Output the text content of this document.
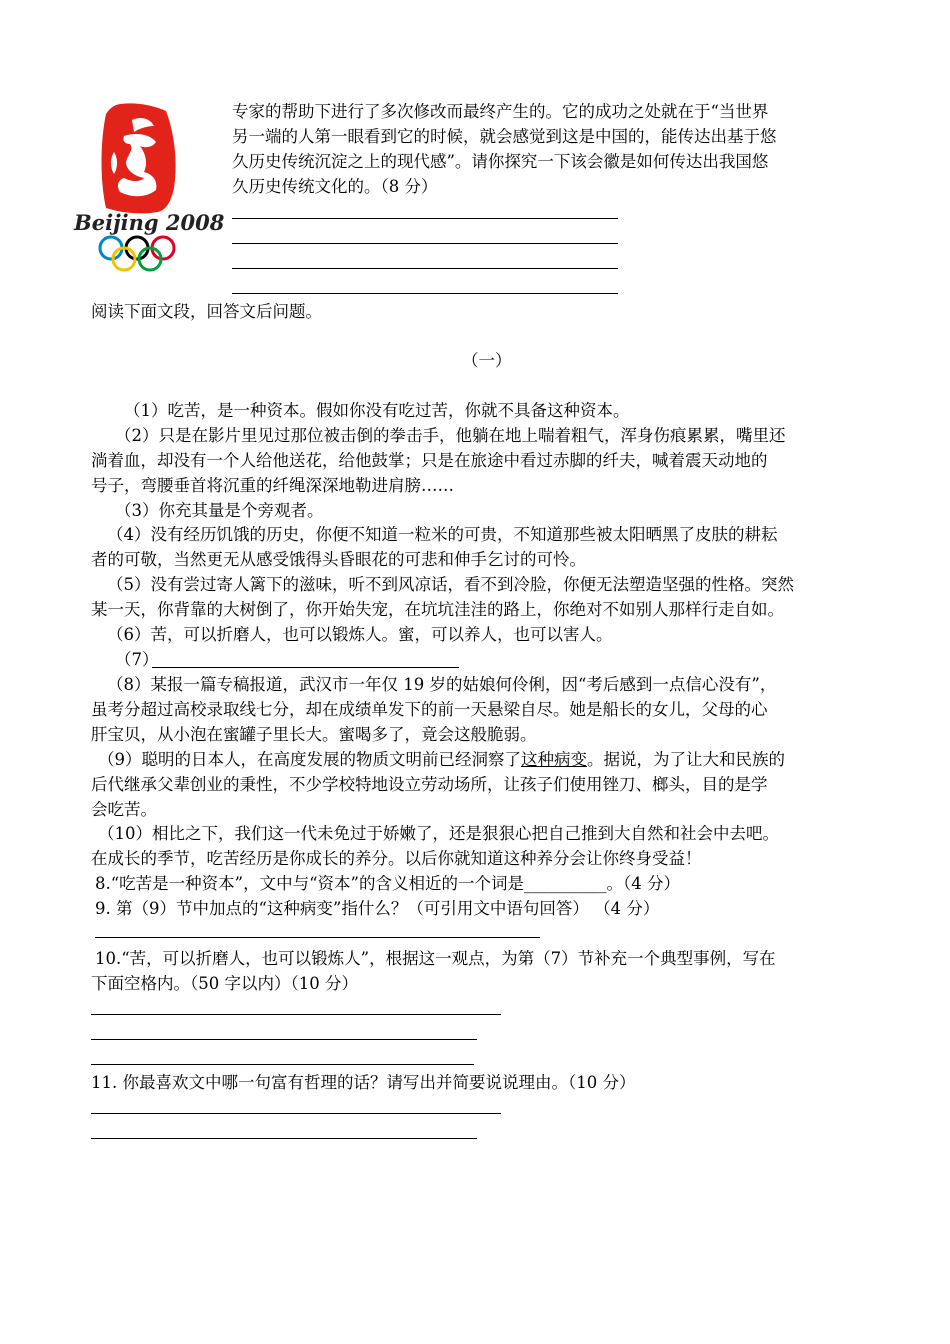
Beijing 2008
专家的帮助下进行了多次修改而最终产生的。它的成功之处就在于“当世界
另一端的人第一眼看到它的时候，就会感觉到这是中国的，能传达出基于悠
久历史传统沉淀之上的现代感”。请你探究一下该会徽是如何传达出我国悠
久历史传统文化的。（8 分）
阅读下面文段，回答文后问题。
（一）
（1）吃苦，是一种资本。假如你没有吃过苦，你就不具备这种资本。
（2）只是在影片里见过那位被击倒的拳击手，他躺在地上喘着粗气，浑身伤痕累累，嘴里还
淌着血，却没有一个人给他送花，给他鼓掌；只是在旅途中看过赤脚的纤夫，喊着震天动地的
号子，弯腰垂首将沉重的纤绳深深地勒进肩膀……
（3）你充其量是个旁观者。
（4）没有经历饥饿的历史，你便不知道一粒米的可贵，不知道那些被太阳晒黑了皮肤的耕耘
者的可敬，当然更无从感受饿得头昏眼花的可悲和伸手乞讨的可怜。
（5）没有尝过寄人篱下的滋味，听不到风凉话，看不到冷脸，你便无法塑造坚强的性格。突然
某一天，你背靠的大树倒了，你开始失宠，在坑坑洼洼的路上，你绝对不如别人那样行走自如。
（6）苦，可以折磨人，也可以锻炼人。蜜，可以养人，也可以害人。
（7）
（8）某报一篇专稿报道，武汉市一年仅 19 岁的姑娘何伶俐，因“考后感到一点信心没有”，
虽考分超过高校录取线七分，却在成绩单发下的前一天悬梁自尽。她是船长的女儿，父母的心
肝宝贝，从小泡在蜜罐子里长大。蜜喝多了，竟会这般脆弱。
（9）聪明的日本人，在高度发展的物质文明前已经洞察了这种病变。据说，为了让大和民族的
后代继承父辈创业的秉性，不少学校特地设立劳动场所，让孩子们使用锉刀、榔头，目的是学
会吃苦。
（10）相比之下，我们这一代未免过于娇嫩了，还是狠狠心把自己推到大自然和社会中去吧。
在成长的季节，吃苦经历是你成长的养分。以后你就知道这种养分会让你终身受益！
8.“吃苦是一种资本”，文中与“资本”的含义相近的一个词是__________。（4 分）
9. 第（9）节中加点的“这种病变”指什么？（可引用文中语句回答） （4 分）
10.“苦，可以折磨人，也可以锻炼人”，根据这一观点，为第（7）节补充一个典型事例，写在
下面空格内。（50 字以内）（10 分）
11. 你最喜欢文中哪一句富有哲理的话？请写出并简要说说理由。（10 分）
